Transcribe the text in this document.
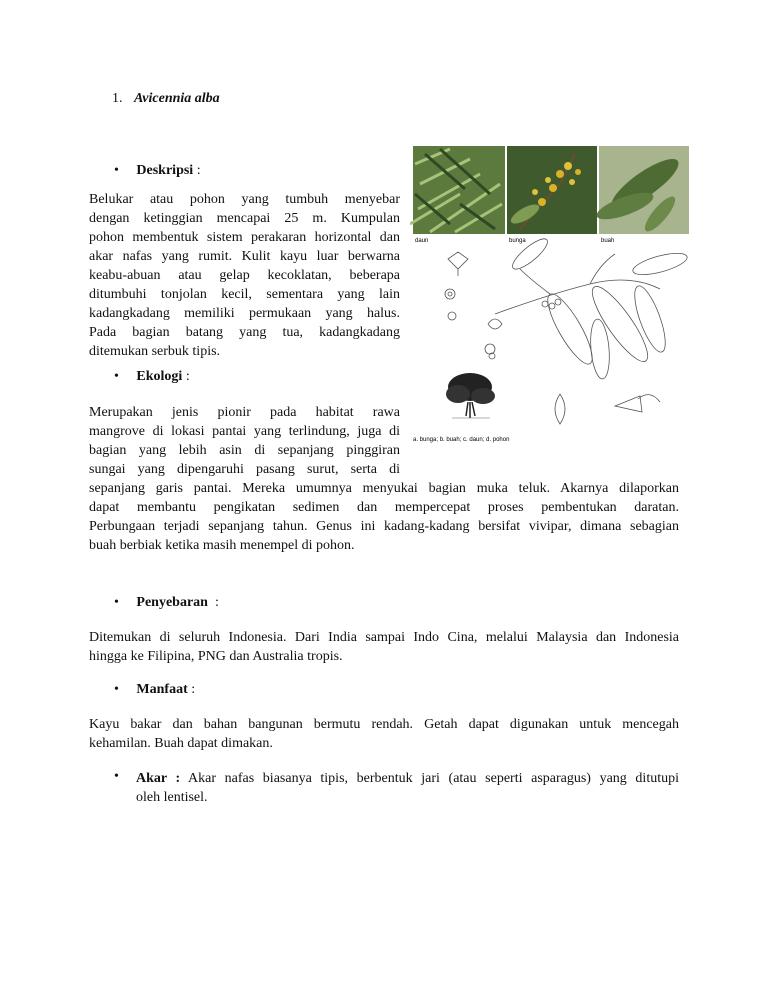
1. Avicennia alba
• Deskripsi :
Belukar atau pohon yang tumbuh menyebar
dengan ketinggian mencapai 25 m. Kumpulan
pohon membentuk sistem perakaran horizontal dan
akar nafas yang rumit. Kulit kayu luar berwarna
keabu-abuan atau gelap kecoklatan, beberapa
ditumbuhi tonjolan kecil, sementara yang lain
kadangkadang memiliki permukaan yang halus.
Pada bagian batang yang tua, kadangkadang
ditemukan serbuk tipis.
• Ekologi :
Merupakan jenis pionir pada habitat rawa
mangrove di lokasi pantai yang terlindung, juga di
bagian yang lebih asin di sepanjang pinggiran
sungai yang dipengaruhi pasang surut, serta di
sepanjang garis pantai. Mereka umumnya menyukai bagian muka teluk. Akarnya dilaporkan
dapat membantu pengikatan sedimen dan mempercepat proses pembentukan daratan.
Perbungaan terjadi sepanjang tahun. Genus ini kadang-kadang bersifat vivipar, dimana sebagian
buah berbiak ketika masih menempel di pohon.
• Penyebaran  :
Ditemukan di seluruh Indonesia. Dari India sampai Indo Cina, melalui Malaysia dan Indonesia
hingga ke Filipina, PNG dan Australia tropis.
• Manfaat :
Kayu bakar dan bahan bangunan bermutu rendah. Getah dapat digunakan untuk mencegah
kehamilan. Buah dapat dimakan.
• Akar : Akar nafas biasanya tipis, berbentuk jari (atau seperti asparagus) yang ditutupi
oleh lentisel.
daun	bunga	buah
a. bunga; b. buah; c. daun; d. pohon
